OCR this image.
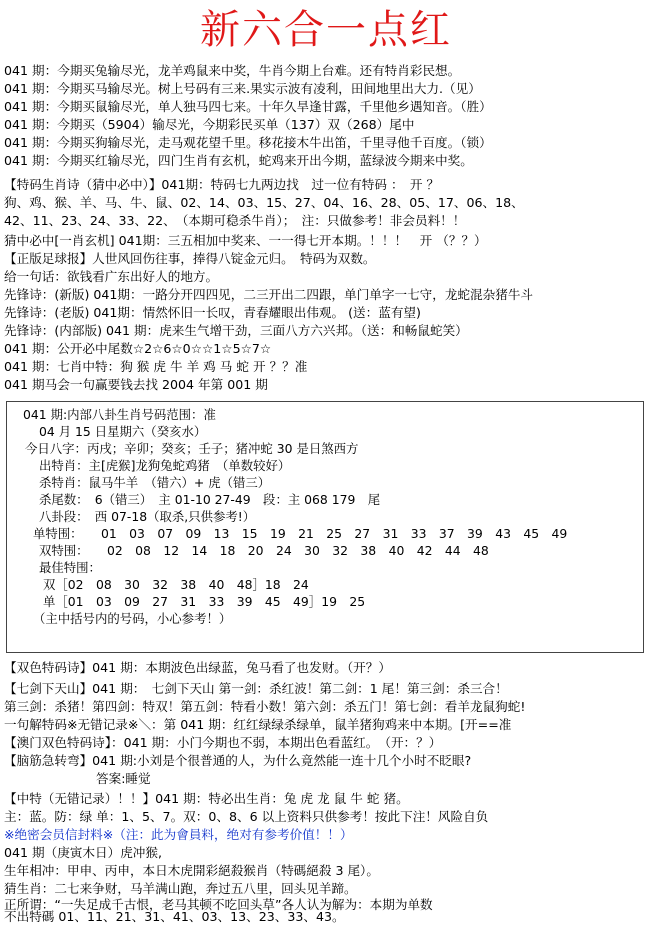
新六合一点红
041 期：今期买兔输尽光，龙羊鸡鼠来中奖，牛肖今期上台难。还有特肖彩民想。
041 期：今期买马输尽光。树上号码有三来.果实示波有凌利，田间地里出大力.（见）
041 期：今期买鼠输尽光，单人独马四七来。十年久旱逢甘露，千里他乡遇知音。（胜）
041 期：今期买（5904）输尽光，今期彩民买单（137）双（268）尾中
041 期：今期买狗输尽光，走马观花望千里。移花接木牛出笛，千里寻他千百度。（锁）
041 期：今期买红输尽光，四门生肖有玄机，蛇鸡来开出今期，蓝绿波今期来中奖。
【特码生肖诗（猜中必中）】041期：特码七九两边找　过一位有特码 ：　开 ？
狗、鸡、猴、羊、马、牛、鼠、02、14、03、15、27、04、16、28、05、17、06、18、
42、11、23、24、33、22、　（本期可稳杀牛肖）；　注：只做参考！非会员料！！
猜中必中[一肖玄机] 041期：三五相加中奖来、一一得七开本期。！！！　开 （？？）
【正版足球报】人世风回伤往事，捧得八锭金元归。　特码为双数。
给一句话：欲钱看广东出好人的地方。
先锋诗：(新版) 041期：一路分开四四见，二三开出二四跟，单门单字一七守，龙蛇混杂猪牛斗
先锋诗：(老版) 041期：情然怀旧一长叹，青春耀眼出伟观。 (送：蓝有望)
先锋诗：(内部版) 041 期：虎来生气增干劲，三面八方六兴邦。（送：和畅鼠蛇笑）
041 期：公开必中尾数☆2☆6☆0☆☆1☆5☆7☆
041 期：七肖中特：狗 猴 虎 牛 羊 鸡 马 蛇 开 ？？准
041 期马会一句赢要钱去找 2004 年第 001 期
041 期:内部八卦生肖号码范围：准
04 月 15 日星期六（癸亥水）
今日八字：丙戌；辛卯；癸亥；壬子；猪冲蛇 30 是日煞西方
出特肖：主[虎猴]龙狗兔蛇鸡猪　（单数较好）
杀特肖：鼠马牛羊　（错六）+ 虎（错三）
杀尾数：　6（错三）　主 01-10 27-49　段：主 068 179　尾
八卦段：　西 07-18（取杀,只供参考!）
单特围： 01　03　07　09　13　15　19　21　25　27　31　33　37　39　43　45　49
双特围： 02　08　12　14　18　20　24　30　32　38　40　42　44　48
最佳特围：
双［02　08　30　32　38　40　48］18　24
单［01　03　09　27　31　33　39　45　49］19　25
（主中括号内的号码，小心参考！）
【双色特码诗】041 期：本期波色出绿蓝，兔马看了也发财。（开？）
【七剑下天山】041 期：　七剑下天山 第一剑：杀红波！第二剑：1 尾！第三剑：杀三合！
第三剑：杀猪！第四剑：特双！第五剑：特看小数！第六剑：杀五门！第七剑：看羊龙鼠狗蛇!
一句解特码※无错记录※＼：第 041 期：红红绿绿杀绿单，鼠羊猪狗鸡来中本期。[开==准
【澳门双色特码诗】：041 期：小门今期也不弱，本期出色看蓝红。　（开：？）
【脑筋急转弯】041 期:小刘是个很普通的人，为什么竟然能一连十几个小时不眨眼?
答案:睡觉
【中特（无错记录）！！】041 期：特必出生肖：兔 虎 龙 鼠 牛 蛇 猪。
主：蓝。防：绿 单：1、5、7。双：0、8、6 以上资料只供参考！按此下注！风险自负
※绝密会员信封料※（注：此为會員料，绝对有参考价值！！）
041 期（庚寅木日）虎冲猴,
生年相冲：甲申、丙申，本日木虎開彩絕殺猴肖（特碼絕殺 3 尾）。
猜生肖：二七来争财，马羊满山跑，奔过五八里，回头见羊蹄。
正所谓：“一失足成千古恨，老马其顿不吃回头草”各人认为解为：本期为单数
不出特碼 01、11、21、31、41、03、13、23、33、43。
